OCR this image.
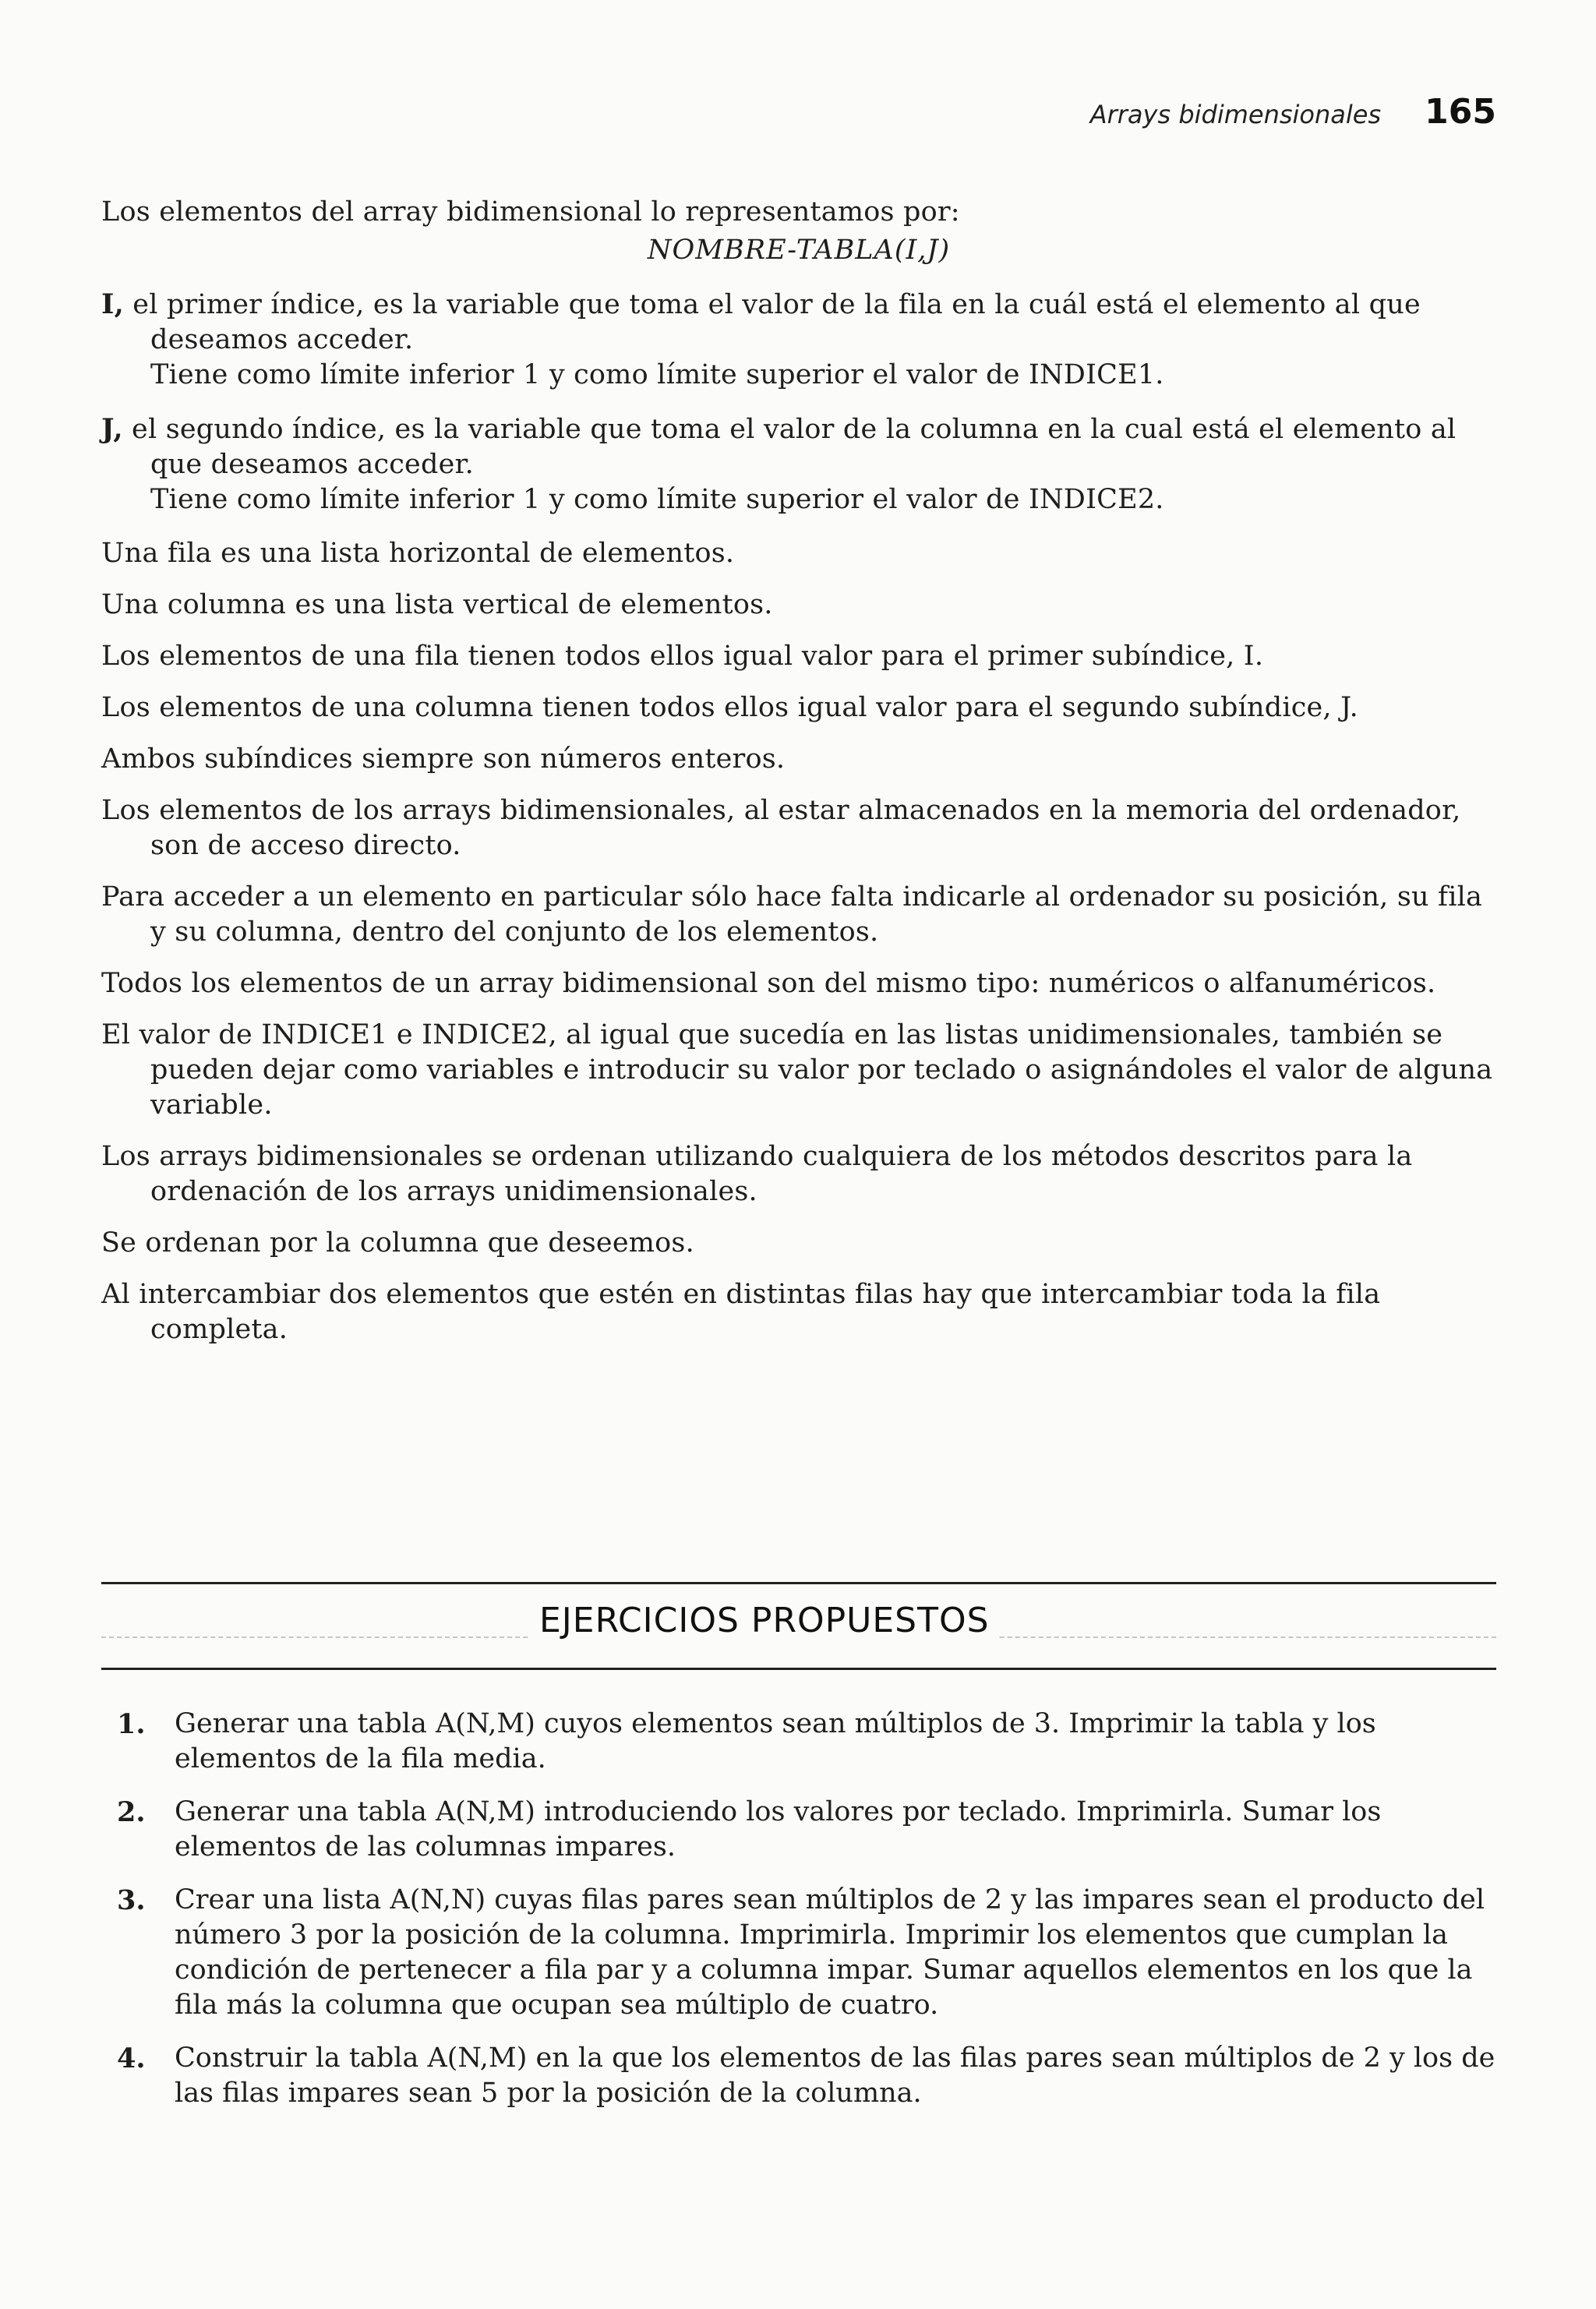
Arrays bidimensionales 165

Los elementos del array bidimensional lo representamos por:

NOMBRE-TABLA(I,J)

I, el primer índice, es la variable que toma el valor de la fila en la cuál está el elemento al que deseamos acceder.
Tiene como límite inferior 1 y como límite superior el valor de INDICE1.

J, el segundo índice, es la variable que toma el valor de la columna en la cual está el elemento al que deseamos acceder.
Tiene como límite inferior 1 y como límite superior el valor de INDICE2.

Una fila es una lista horizontal de elementos.

Una columna es una lista vertical de elementos.

Los elementos de una fila tienen todos ellos igual valor para el primer subíndice, I.

Los elementos de una columna tienen todos ellos igual valor para el segundo subíndice, J.

Ambos subíndices siempre son números enteros.

Los elementos de los arrays bidimensionales, al estar almacenados en la memoria del ordenador, son de acceso directo.

Para acceder a un elemento en particular sólo hace falta indicarle al ordenador su posición, su fila y su columna, dentro del conjunto de los elementos.

Todos los elementos de un array bidimensional son del mismo tipo: numéricos o alfanuméricos.

El valor de INDICE1 e INDICE2, al igual que sucedía en las listas unidimensionales, también se pueden dejar como variables e introducir su valor por teclado o asignándoles el valor de alguna variable.

Los arrays bidimensionales se ordenan utilizando cualquiera de los métodos descritos para la ordenación de los arrays unidimensionales.

Se ordenan por la columna que deseemos.

Al intercambiar dos elementos que estén en distintas filas hay que intercambiar toda la fila completa.

EJERCICIOS PROPUESTOS
1.	Generar una tabla A(N,M) cuyos elementos sean múltiplos de 3. Imprimir la tabla y los elementos de la fila media.
2.	Generar una tabla A(N,M) introduciendo los valores por teclado. Imprimirla. Sumar los elementos de las columnas impares.
3.	Crear una lista A(N,N) cuyas filas pares sean múltiplos de 2 y las impares sean el producto del número 3 por la posición de la columna. Imprimirla. Imprimir los elementos que cumplan la condición de pertenecer a fila par y a columna impar. Sumar aquellos elementos en los que la fila más la columna que ocupan sea múltiplo de cuatro.
4.	Construir la tabla A(N,M) en la que los elementos de las filas pares sean múltiplos de 2 y los de las filas impares sean 5 por la posición de la columna.
